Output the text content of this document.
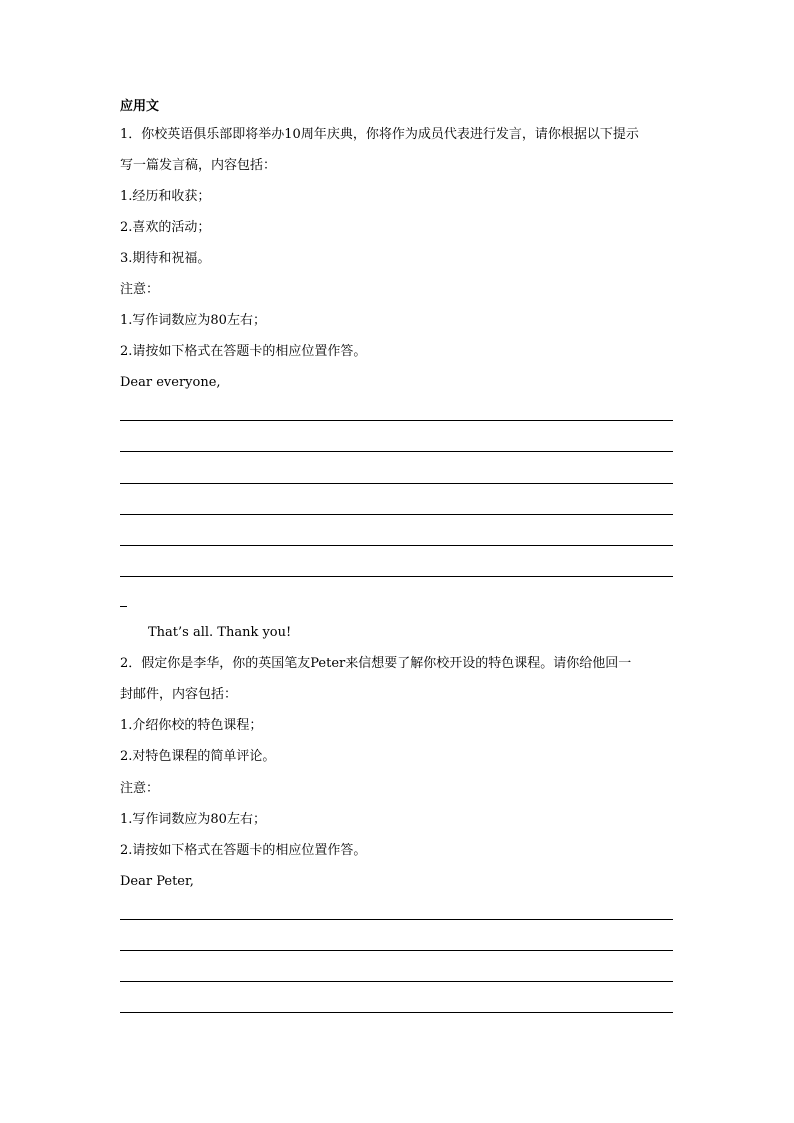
应用文
1．你校英语俱乐部即将举办10周年庆典，你将作为成员代表进行发言，请你根据以下提示
写一篇发言稿，内容包括：
1.经历和收获；
2.喜欢的活动；
3.期待和祝福。
注意：
1.写作词数应为80左右；
2.请按如下格式在答题卡的相应位置作答。
Dear everyone,
That’s all. Thank you!
2．假定你是李华，你的英国笔友Peter来信想要了解你校开设的特色课程。请你给他回一
封邮件，内容包括：
1.介绍你校的特色课程；
2.对特色课程的简单评论。
注意：
1.写作词数应为80左右；
2.请按如下格式在答题卡的相应位置作答。
Dear Peter,
